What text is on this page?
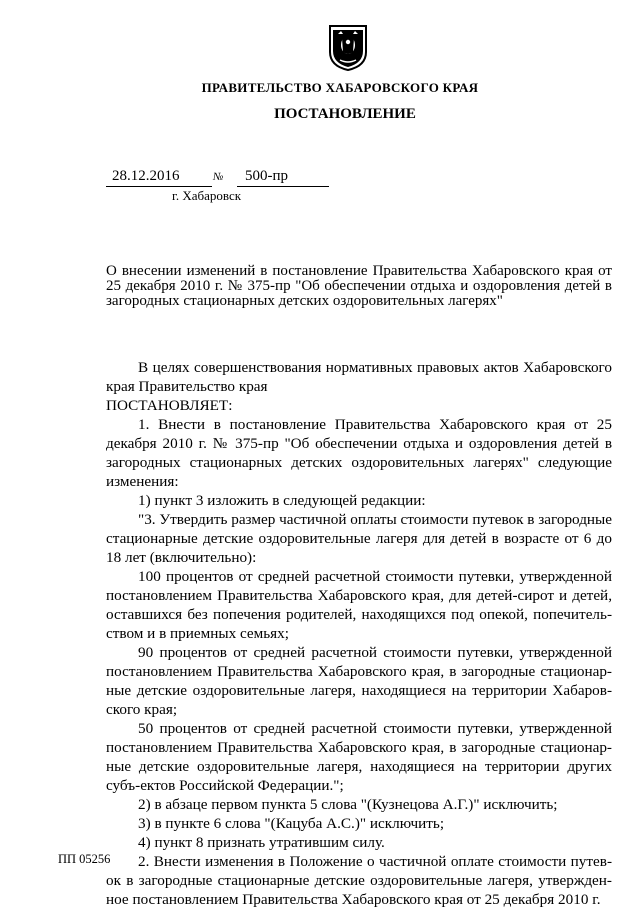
ПРАВИТЕЛЬСТВО ХАБАРОВСКОГО КРАЯ
ПОСТАНОВЛЕНИЕ
28.12.2016	№	500-пр
г. Хабаровск
О внесении изменений в постановление Правительства Хабаровского края от 25 декабря 2010 г. № 375-пр "Об обеспечении отдыха и оздоровления детей в загородных стационарных детских оздоровительных лагерях"

В целях совершенствования нормативных правовых актов Хабаровского края Правительство края

ПОСТАНОВЛЯЕТ:

1. Внести в постановление Правительства Хабаровского края от 25 декабря 2010 г. № 375-пр "Об обеспечении отдыха и оздоровления детей в загородных стационарных детских оздоровительных лагерях" следующие изменения:

1) пункт 3 изложить в следующей редакции:

"3. Утвердить размер частичной оплаты стоимости путевок в загородные стационарные детские оздоровительные лагеря для детей в возрасте от 6 до 18 лет (включительно):

100 процентов от средней расчетной стоимости путевки, утвержденной постановлением Правительства Хабаровского края, для детей-сирот и детей, оставшихся без попечения родителей, находящихся под опекой, попечитель-ством и в приемных семьях;

90 процентов от средней расчетной стоимости путевки, утвержденной постановлением Правительства Хабаровского края, в загородные стационар-ные детские оздоровительные лагеря, находящиеся на территории Хабаров-ского края;

50 процентов от средней расчетной стоимости путевки, утвержденной постановлением Правительства Хабаровского края, в загородные стационар-ные детские оздоровительные лагеря, находящиеся на территории других субъ-ектов Российской Федерации.";

2) в абзаце первом пункта 5 слова "(Кузнецова А.Г.)" исключить;

3) в пункте 6 слова "(Кацуба А.С.)" исключить;

4) пункт 8 признать утратившим силу.

2. Внести изменения в Положение о частичной оплате стоимости путев-ок в загородные стационарные детские оздоровительные лагеря, утвержден-ное постановлением Правительства Хабаровского края от 25 декабря 2010 г.

ПП 05256
